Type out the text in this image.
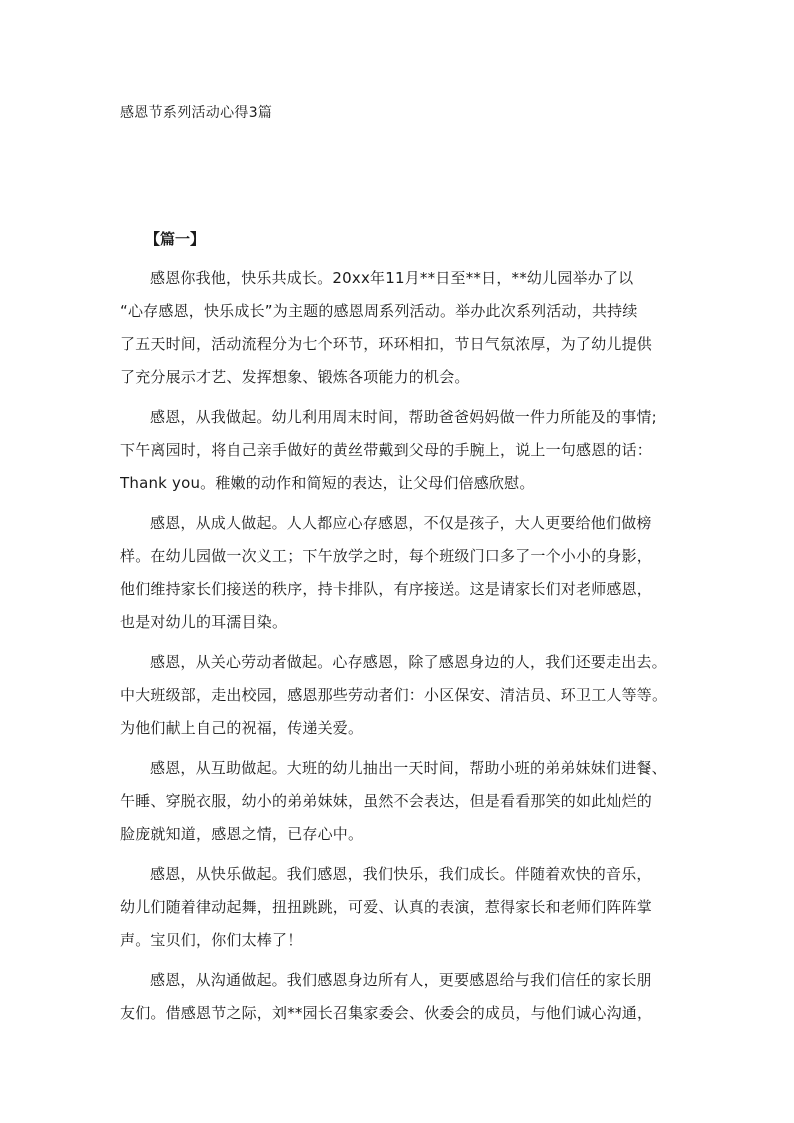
感恩节系列活动心得3篇
【篇一】

感恩你我他，快乐共成长。20xx年11月**日至**日，**幼儿园举办了以
“心存感恩，快乐成长”为主题的感恩周系列活动。举办此次系列活动，共持续
了五天时间，活动流程分为七个环节，环环相扣，节日气氛浓厚，为了幼儿提供
了充分展示才艺、发挥想象、锻炼各项能力的机会。

感恩，从我做起。幼儿利用周末时间，帮助爸爸妈妈做一件力所能及的事情;
下午离园时，将自己亲手做好的黄丝带戴到父母的手腕上，说上一句感恩的话：
Thank you。稚嫩的动作和简短的表达，让父母们倍感欣慰。

感恩，从成人做起。人人都应心存感恩，不仅是孩子，大人更要给他们做榜
样。在幼儿园做一次义工；下午放学之时，每个班级门口多了一个小小的身影，
他们维持家长们接送的秩序，持卡排队，有序接送。这是请家长们对老师感恩，
也是对幼儿的耳濡目染。

感恩，从关心劳动者做起。心存感恩，除了感恩身边的人，我们还要走出去。
中大班级部，走出校园，感恩那些劳动者们：小区保安、清洁员、环卫工人等等。
为他们献上自己的祝福，传递关爱。

感恩，从互助做起。大班的幼儿抽出一天时间，帮助小班的弟弟妹妹们进餐、
午睡、穿脱衣服，幼小的弟弟妹妹，虽然不会表达，但是看看那笑的如此灿烂的
脸庞就知道，感恩之情，已存心中。

感恩，从快乐做起。我们感恩，我们快乐，我们成长。伴随着欢快的音乐，
幼儿们随着律动起舞，扭扭跳跳，可爱、认真的表演，惹得家长和老师们阵阵掌
声。宝贝们，你们太棒了！

感恩，从沟通做起。我们感恩身边所有人，更要感恩给与我们信任的家长朋
友们。借感恩节之际，刘**园长召集家委会、伙委会的成员，与他们诚心沟通，
